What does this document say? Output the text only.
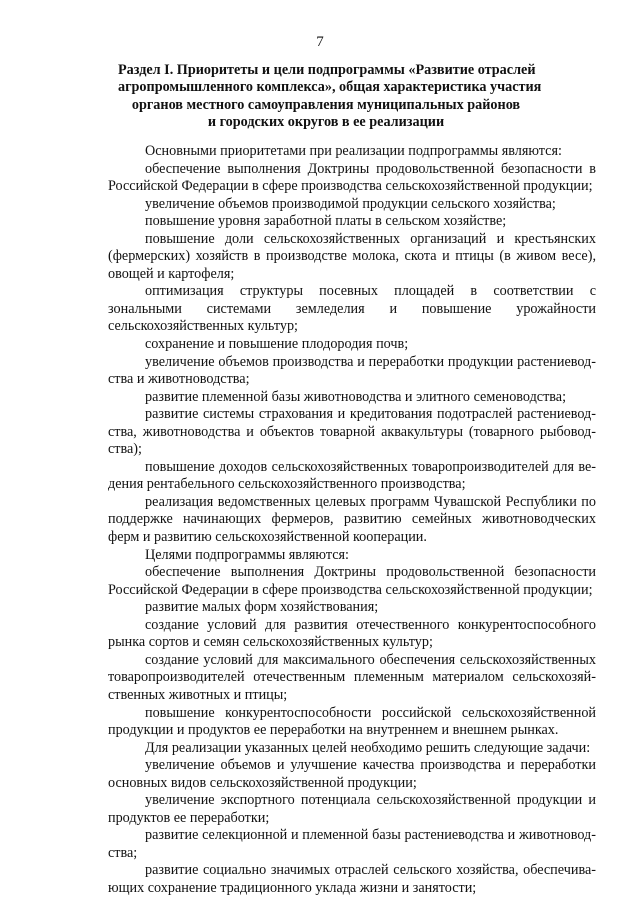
7
Раздел I. Приоритеты и цели подпрограммы «Развитие отраслей
агропромышленного комплекса», общая характеристика участия
органов местного самоуправления муниципальных районов
и городских округов в ее реализации

Основными приоритетами при реализации подпрограммы являются:

обеспечение выполнения Доктрины продовольственной безопасности в Российской Федерации в сфере производства сельскохозяйственной продукции;

увеличение объемов производимой продукции сельского хозяйства;

повышение уровня заработной платы в сельском хозяйстве;

повышение доли сельскохозяйственных организаций и крестьянских (фермерских) хозяйств в производстве молока, скота и птицы (в живом весе), овощей и картофеля;

оптимизация структуры посевных площадей в соответствии с зональными системами земледелия и повышение урожайности сельскохозяйственных культур;

сохранение и повышение плодородия почв;

увеличение объемов производства и переработки продукции растениеводства и животноводства;

развитие племенной базы животноводства и элитного семеноводства;

развитие системы страхования и кредитования подотраслей растениеводства, животноводства и объектов товарной аквакультуры (товарного рыбоводства);

повышение доходов сельскохозяйственных товаропроизводителей для ведения рентабельного сельскохозяйственного производства;

реализация ведомственных целевых программ Чувашской Республики по поддержке начинающих фермеров, развитию семейных животноводческих ферм и развитию сельскохозяйственной кооперации.

Целями подпрограммы являются:

обеспечение выполнения Доктрины продовольственной безопасности Российской Федерации в сфере производства сельскохозяйственной продукции;

развитие малых форм хозяйствования;

создание условий для развития отечественного конкурентоспособного рынка сортов и семян сельскохозяйственных культур;

создание условий для максимального обеспечения сельскохозяйственных товаропроизводителей отечественным племенным материалом сельскохозяйственных животных и птицы;

повышение конкурентоспособности российской сельскохозяйственной продукции и продуктов ее переработки на внутреннем и внешнем рынках.

Для реализации указанных целей необходимо решить следующие задачи:

увеличение объемов и улучшение качества производства и переработки основных видов сельскохозяйственной продукции;

увеличение экспортного потенциала сельскохозяйственной продукции и продуктов ее переработки;

развитие селекционной и племенной базы растениеводства и животноводства;

развитие социально значимых отраслей сельского хозяйства, обеспечивающих сохранение традиционного уклада жизни и занятости;
